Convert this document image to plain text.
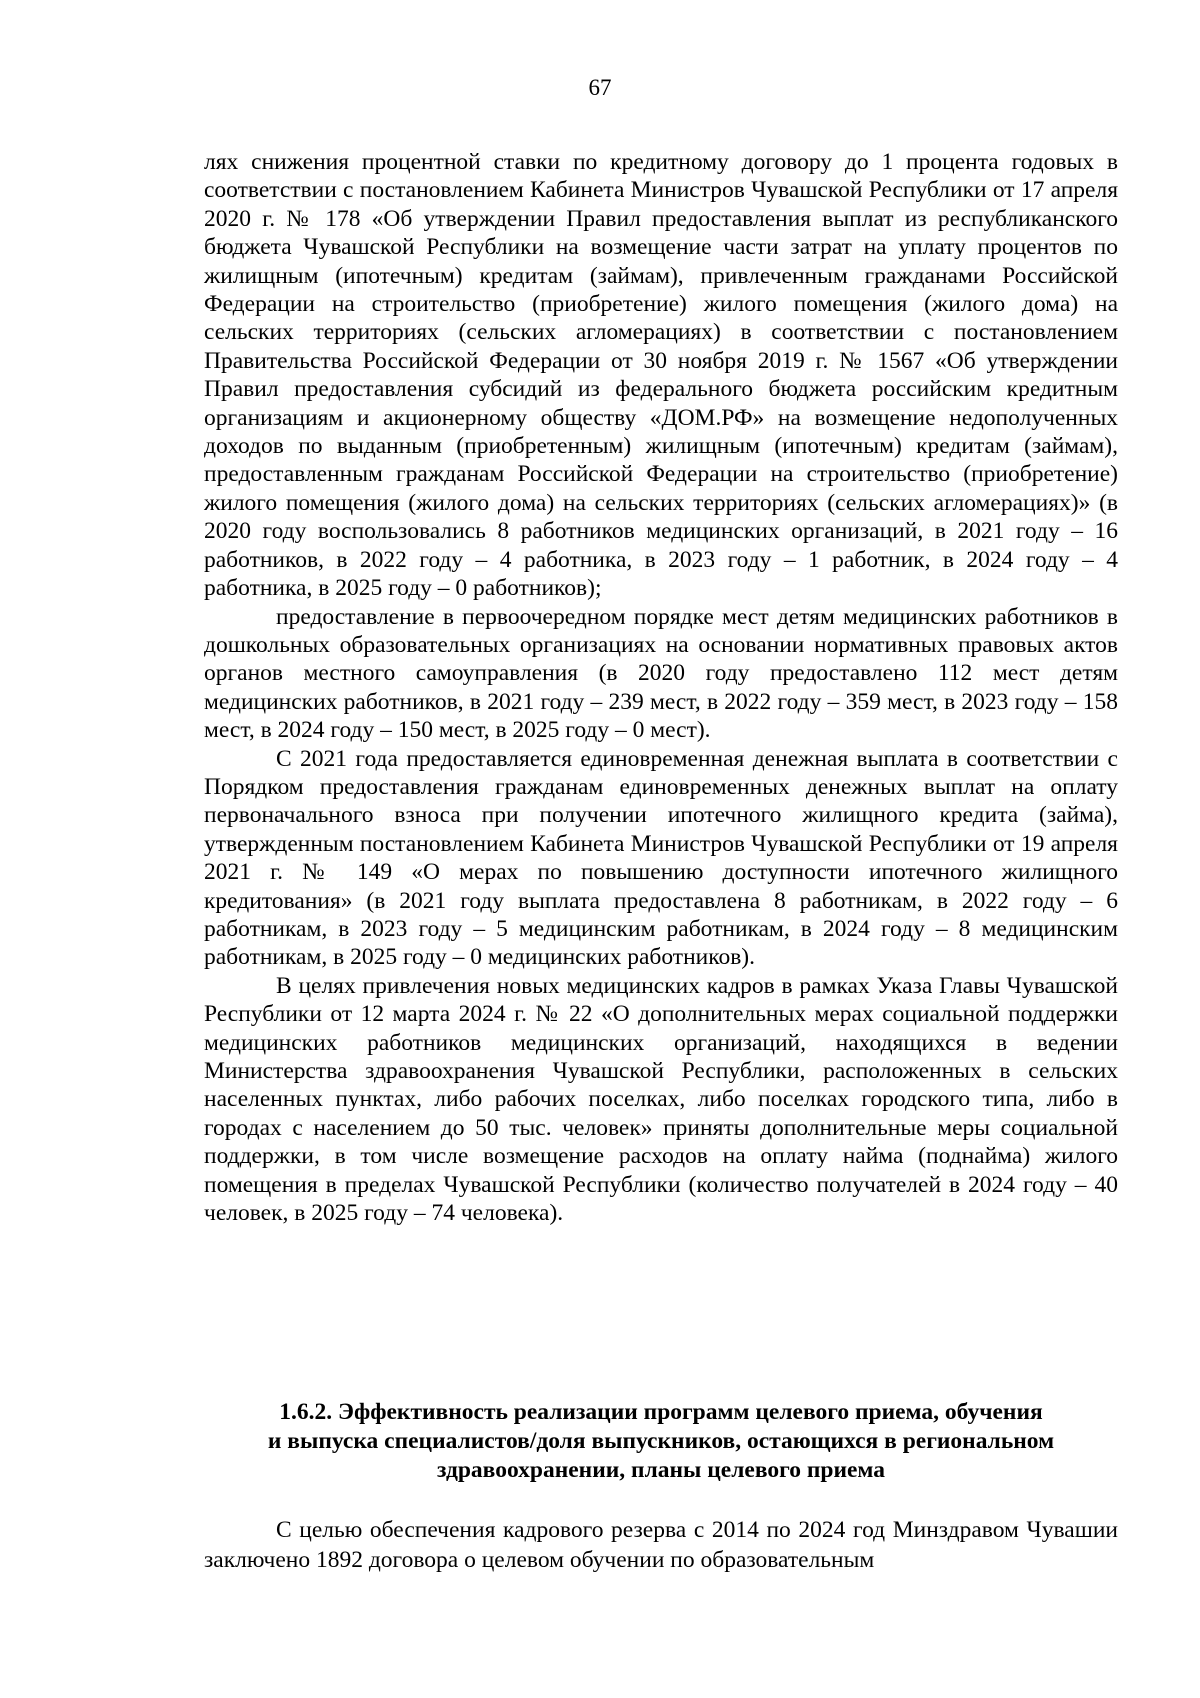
67

лях снижения процентной ставки по кредитному договору до 1 процента годовых в соответствии с постановлением Кабинета Министров Чувашской Республики от 17 апреля 2020 г. № 178 «Об утверждении Правил предоставления выплат из республиканского бюджета Чувашской Республики на возмещение части затрат на уплату процентов по жилищным (ипотечным) кредитам (займам), привлеченным гражданами Российской Федерации на строительство (приобретение) жилого помещения (жилого дома) на сельских территориях (сельских агломерациях) в соответствии с постановлением Правительства Российской Федерации от 30 ноября 2019 г. № 1567 «Об утверждении Правил предоставления субсидий из федерального бюджета российским кредитным организациям и акционерному обществу «ДОМ.РФ» на возмещение недополученных доходов по выданным (приобретенным) жилищным (ипотечным) кредитам (займам), предоставленным гражданам Российской Федерации на строительство (приобретение) жилого помещения (жилого дома) на сельских территориях (сельских агломерациях)» (в 2020 году воспользовались 8 работников медицинских организаций, в 2021 году – 16 работников, в 2022 году – 4 работника, в 2023 году – 1 работник, в 2024 году – 4 работника, в 2025 году – 0 работников);

предоставление в первоочередном порядке мест детям медицинских работников в дошкольных образовательных организациях на основании нормативных правовых актов органов местного самоуправления (в 2020 году предоставлено 112 мест детям медицинских работников, в 2021 году – 239 мест, в 2022 году – 359 мест, в 2023 году – 158 мест, в 2024 году – 150 мест, в 2025 году – 0 мест).

С 2021 года предоставляется единовременная денежная выплата в соответствии с Порядком предоставления гражданам единовременных денежных выплат на оплату первоначального взноса при получении ипотечного жилищного кредита (займа), утвержденным постановлением Кабинета Министров Чувашской Республики от 19 апреля 2021 г. № 149 «О мерах по повышению доступности ипотечного жилищного кредитования» (в 2021 году выплата предоставлена 8 работникам, в 2022 году – 6 работникам, в 2023 году – 5 медицинским работникам, в 2024 году – 8 медицинским работникам, в 2025 году – 0 медицинских работников).

В целях привлечения новых медицинских кадров в рамках Указа Главы Чувашской Республики от 12 марта 2024 г. № 22 «О дополнительных мерах социальной поддержки медицинских работников медицинских организаций, находящихся в ведении Министерства здравоохранения Чувашской Республики, расположенных в сельских населенных пунктах, либо рабочих поселках, либо поселках городского типа, либо в городах с населением до 50 тыс. человек» приняты дополнительные меры социальной поддержки, в том числе возмещение расходов на оплату найма (поднайма) жилого помещения в пределах Чувашской Республики (количество получателей в 2024 году – 40 человек, в 2025 году – 74 человека).

1.6.2. Эффективность реализации программ целевого приема, обучения
и выпуска специалистов/доля выпускников, остающихся в региональном
здравоохранении, планы целевого приема

С целью обеспечения кадрового резерва с 2014 по 2024 год Минздравом Чувашии заключено 1892 договора о целевом обучении по образовательным
